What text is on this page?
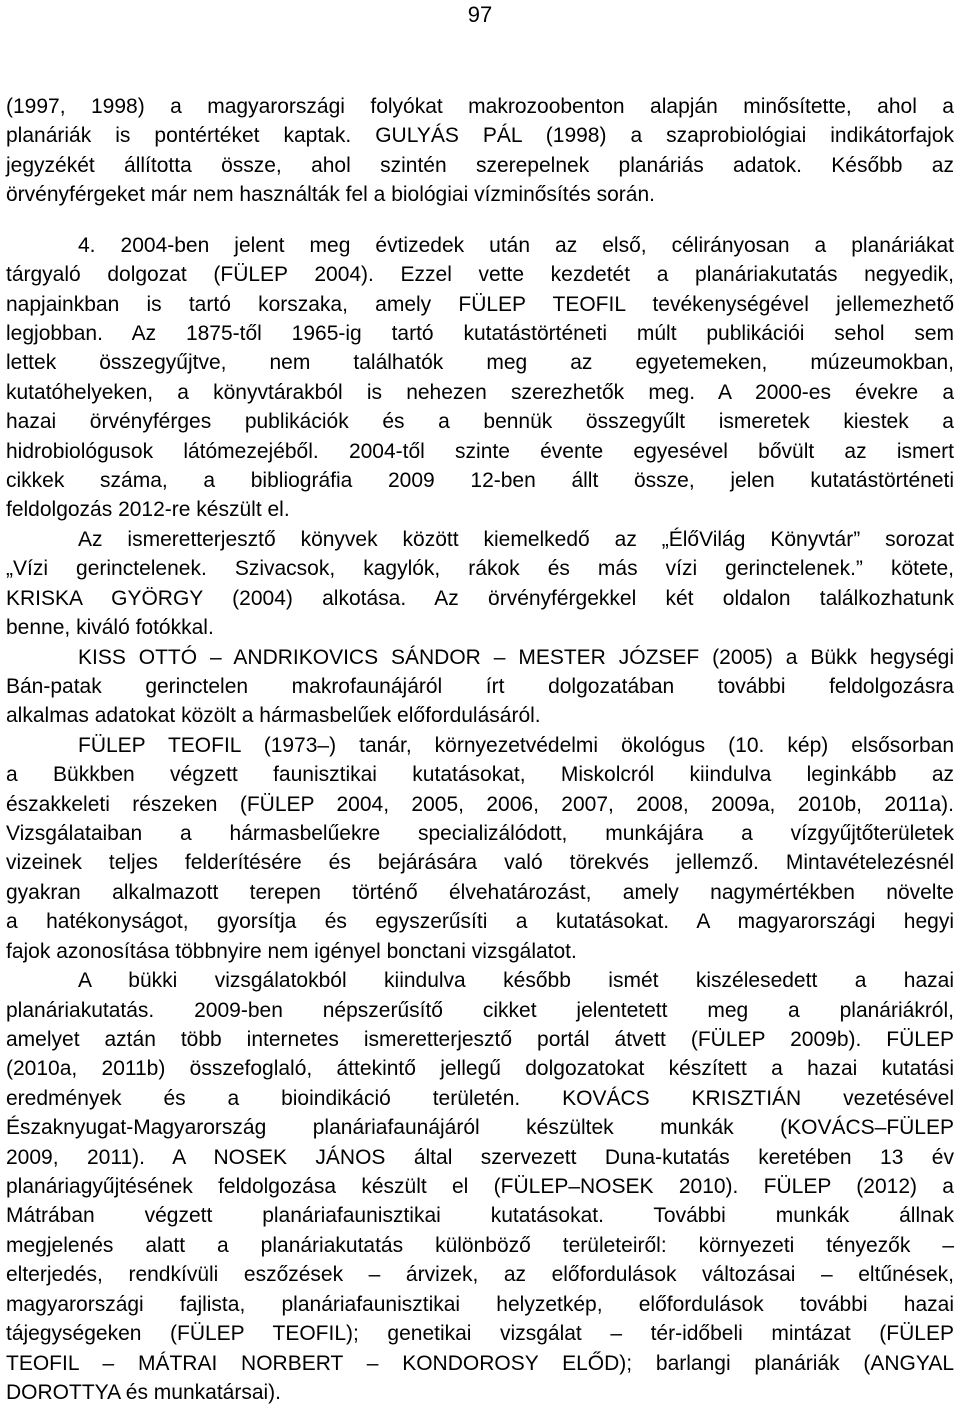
97
(1997, 1998) a magyarországi folyókat makrozoobenton alapján minősítette, ahol a
planáriák is pontértéket kaptak. GULYÁS PÁL (1998) a szaprobiológiai indikátorfajok
jegyzékét állította össze, ahol szintén szerepelnek planáriás adatok. Később az
örvényférgeket már nem használták fel a biológiai vízminősítés során.
4. 2004-ben jelent meg évtizedek után az első, célirányosan a planáriákat
tárgyaló dolgozat (FÜLEP 2004). Ezzel vette kezdetét a planáriakutatás negyedik,
napjainkban is tartó korszaka, amely FÜLEP TEOFIL tevékenységével jellemezhető
legjobban. Az 1875-től 1965-ig tartó kutatástörténeti múlt publikációi sehol sem
lettek összegyűjtve, nem találhatók meg az egyetemeken, múzeumokban,
kutatóhelyeken, a könyvtárakból is nehezen szerezhetők meg. A 2000-es évekre a
hazai örvényférges publikációk és a bennük összegyűlt ismeretek kiestek a
hidrobiológusok látómezejéből. 2004-től szinte évente egyesével bővült az ismert
cikkek száma, a bibliográfia 2009 12-ben állt össze, jelen kutatástörténeti
feldolgozás 2012-re készült el.
Az ismeretterjesztő könyvek között kiemelkedő az „ÉlőVilág Könyvtár” sorozat
„Vízi gerinctelenek. Szivacsok, kagylók, rákok és más vízi gerinctelenek.” kötete,
KRISKA GYÖRGY (2004) alkotása. Az örvényférgekkel két oldalon találkozhatunk
benne, kiváló fotókkal.
KISS OTTÓ – ANDRIKOVICS SÁNDOR – MESTER JÓZSEF (2005) a Bükk hegységi
Bán-patak gerinctelen makrofaunájáról írt dolgozatában további feldolgozásra
alkalmas adatokat közölt a hármasbelűek előfordulásáról.
FÜLEP TEOFIL (1973–) tanár, környezetvédelmi ökológus (10. kép) elsősorban
a Bükkben végzett faunisztikai kutatásokat, Miskolcról kiindulva leginkább az
északkeleti részeken (FÜLEP 2004, 2005, 2006, 2007, 2008, 2009a, 2010b, 2011a).
Vizsgálataiban a hármasbelűekre specializálódott, munkájára a vízgyűjtőterületek
vizeinek teljes felderítésére és bejárására való törekvés jellemző. Mintavételezésnél
gyakran alkalmazott terepen történő élvehatározást, amely nagymértékben növelte
a hatékonyságot, gyorsítja és egyszerűsíti a kutatásokat. A magyarországi hegyi
fajok azonosítása többnyire nem igényel bonctani vizsgálatot.
A bükki vizsgálatokból kiindulva később ismét kiszélesedett a hazai
planáriakutatás. 2009-ben népszerűsítő cikket jelentetett meg a planáriákról,
amelyet aztán több internetes ismeretterjesztő portál átvett (FÜLEP 2009b). FÜLEP
(2010a, 2011b) összefoglaló, áttekintő jellegű dolgozatokat készített a hazai kutatási
eredmények és a bioindikáció területén. KOVÁCS KRISZTIÁN vezetésével
Északnyugat-Magyarország planáriafaunájáról készültek munkák (KOVÁCS–FÜLEP
2009, 2011). A NOSEK JÁNOS által szervezett Duna-kutatás keretében 13 év
planáriagyűjtésének feldolgozása készült el (FÜLEP–NOSEK 2010). FÜLEP (2012) a
Mátrában végzett planáriafaunisztikai kutatásokat. További munkák állnak
megjelenés alatt a planáriakutatás különböző területeiről: környezeti tényezők –
elterjedés, rendkívüli eszőzések – árvizek, az előfordulások változásai – eltűnések,
magyarországi fajlista, planáriafaunisztikai helyzetkép, előfordulások további hazai
tájegységeken (FÜLEP TEOFIL); genetikai vizsgálat – tér-időbeli mintázat (FÜLEP
TEOFIL – MÁTRAI NORBERT – KONDOROSY ELŐD); barlangi planáriák (ANGYAL
DOROTTYA és munkatársai).
